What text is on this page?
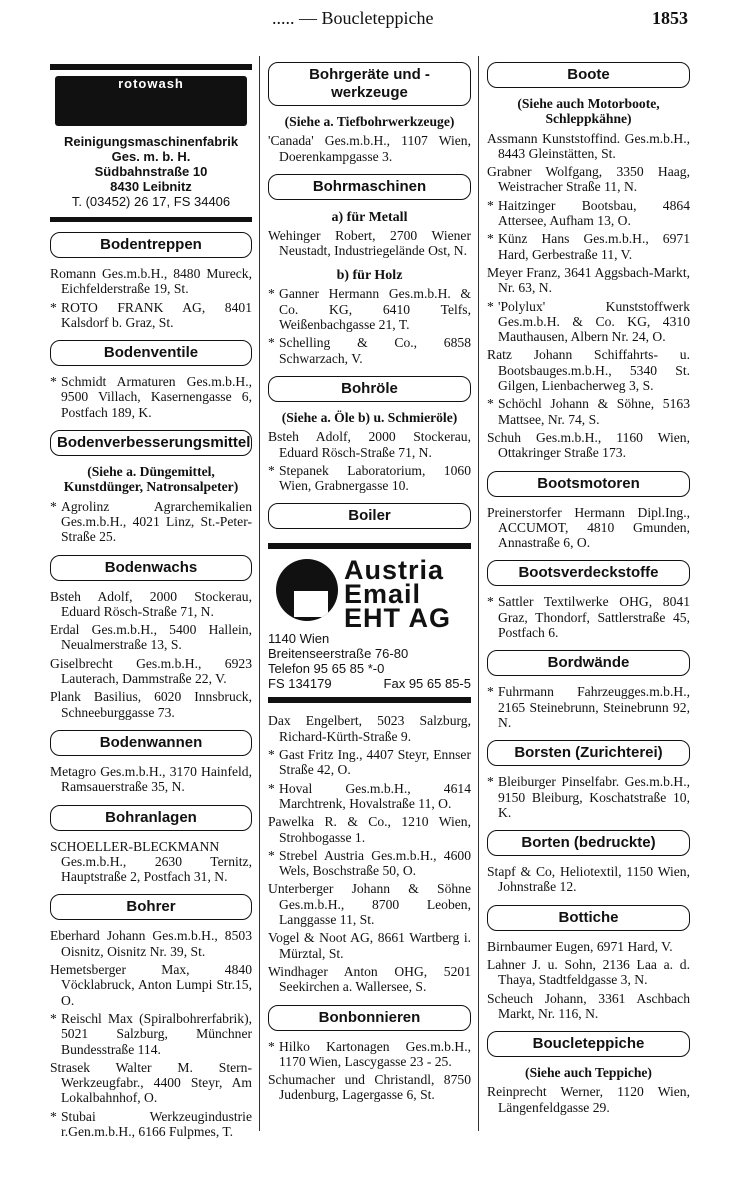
..... — Boucleteppiche	1853
rotowash
Reinigungsmaschinenfabrik
Ges. m. b. H.
Südbahnstraße 10
8430 Leibnitz
T. (03452) 26 17, FS 34406
Bodentreppen

Romann Ges.m.b.H., 8480 Mureck, Eichfelderstraße 19, St.

* ROTO FRANK AG, 8401 Kalsdorf b. Graz, St.

Bodenventile

* Schmidt Armaturen Ges.m.b.H., 9500 Villach, Kasernengasse 6, Postfach 189, K.

Bodenverbesserungsmittel

(Siehe a. Düngemittel, Kunstdünger, Natronsalpeter)

* Agrolinz Agrarchemikalien Ges.m.b.H., 4021 Linz, St.-Peter-Straße 25.

Bodenwachs

Bsteh Adolf, 2000 Stockerau, Eduard Rösch-Straße 71, N.

Erdal Ges.m.b.H., 5400 Hallein, Neualmerstraße 13, S.

Giselbrecht Ges.m.b.H., 6923 Lauterach, Dammstraße 22, V.

Plank Basilius, 6020 Innsbruck, Schneeburggasse 73.

Bodenwannen

Metagro Ges.m.b.H., 3170 Hainfeld, Ramsauerstraße 35, N.

Bohranlagen

SCHOELLER-BLECKMANN Ges.m.b.H., 2630 Ternitz, Hauptstraße 2, Postfach 31, N.

Bohrer

Eberhard Johann Ges.m.b.H., 8503 Oisnitz, Oisnitz Nr. 39, St.

Hemetsberger Max, 4840 Vöcklabruck, Anton Lumpi Str.15, O.

* Reischl Max (Spiralbohrerfabrik), 5021 Salzburg, Münchner Bundesstraße 114.

Strasek Walter M. Stern-Werkzeugfabr., 4400 Steyr, Am Lokalbahnhof, O.

* Stubai Werkzeugindustrie r.Gen.m.b.H., 6166 Fulpmes, T.

Bohrgeräte und -werkzeuge

(Siehe a. Tiefbohrwerkzeuge)

'Canada' Ges.m.b.H., 1107 Wien, Doerenkampgasse 3.

Bohrmaschinen

a) für Metall

Wehinger Robert, 2700 Wiener Neustadt, Industriegelände Ost, N.

b) für Holz

* Ganner Hermann Ges.m.b.H. & Co. KG, 6410 Telfs, Weißenbachgasse 21, T.

* Schelling & Co., 6858 Schwarzach, V.

Bohröle

(Siehe a. Öle b) u. Schmieröle)

Bsteh Adolf, 2000 Stockerau, Eduard Rösch-Straße 71, N.

* Stepanek Laboratorium, 1060 Wien, Grabnergasse 10.

Boiler
Austria
Email
EHT AG
1140 Wien
Breitenseerstraße 76-80
Telefon 95 65 85 *-0
FS 134179	Fax 95 65 85-5

Dax Engelbert, 5023 Salzburg, Richard-Kürth-Straße 9.

* Gast Fritz Ing., 4407 Steyr, Ennser Straße 42, O.

* Hoval Ges.m.b.H., 4614 Marchtrenk, Hovalstraße 11, O.

Pawelka R. & Co., 1210 Wien, Strohbogasse 1.

* Strebel Austria Ges.m.b.H., 4600 Wels, Boschstraße 50, O.

Unterberger Johann & Söhne Ges.m.b.H., 8700 Leoben, Langgasse 11, St.

Vogel & Noot AG, 8661 Wartberg i. Mürztal, St.

Windhager Anton OHG, 5201 Seekirchen a. Wallersee, S.

Bonbonnieren

* Hilko Kartonagen Ges.m.b.H., 1170 Wien, Lascygasse 23 - 25.

Schumacher und Christandl, 8750 Judenburg, Lagergasse 6, St.

Boote

(Siehe auch Motorboote, Schleppkähne)

Assmann Kunststoffind. Ges.m.b.H., 8443 Gleinstätten, St.

Grabner Wolfgang, 3350 Haag, Weistracher Straße 11, N.

* Haitzinger Bootsbau, 4864 Attersee, Aufham 13, O.

* Künz Hans Ges.m.b.H., 6971 Hard, Gerbestraße 11, V.

Meyer Franz, 3641 Aggsbach-Markt, Nr. 63, N.

* 'Polylux' Kunststoffwerk Ges.m.b.H. & Co. KG, 4310 Mauthausen, Albern Nr. 24, O.

Ratz Johann Schiffahrts- u. Bootsbauges.m.b.H., 5340 St. Gilgen, Lienbacherweg 3, S.

* Schöchl Johann & Söhne, 5163 Mattsee, Nr. 74, S.

Schuh Ges.m.b.H., 1160 Wien, Ottakringer Straße 173.

Bootsmotoren

Preinerstorfer Hermann Dipl.Ing., ACCUMOT, 4810 Gmunden, Annastraße 6, O.

Bootsverdeckstoffe

* Sattler Textilwerke OHG, 8041 Graz, Thondorf, Sattlerstraße 45, Postfach 6.

Bordwände

* Fuhrmann Fahrzeugges.m.b.H., 2165 Steinebrunn, Steinebrunn 92, N.

Borsten (Zurichterei)

* Bleiburger Pinselfabr. Ges.m.b.H., 9150 Bleiburg, Koschatstraße 10, K.

Borten (bedruckte)

Stapf & Co, Heliotextil, 1150 Wien, Johnstraße 12.

Bottiche

Birnbaumer Eugen, 6971 Hard, V.

Lahner J. u. Sohn, 2136 Laa a. d. Thaya, Stadtfeldgasse 3, N.

Scheuch Johann, 3361 Aschbach Markt, Nr. 116, N.

Boucleteppiche

(Siehe auch Teppiche)

Reinprecht Werner, 1120 Wien, Längenfeldgasse 29.
